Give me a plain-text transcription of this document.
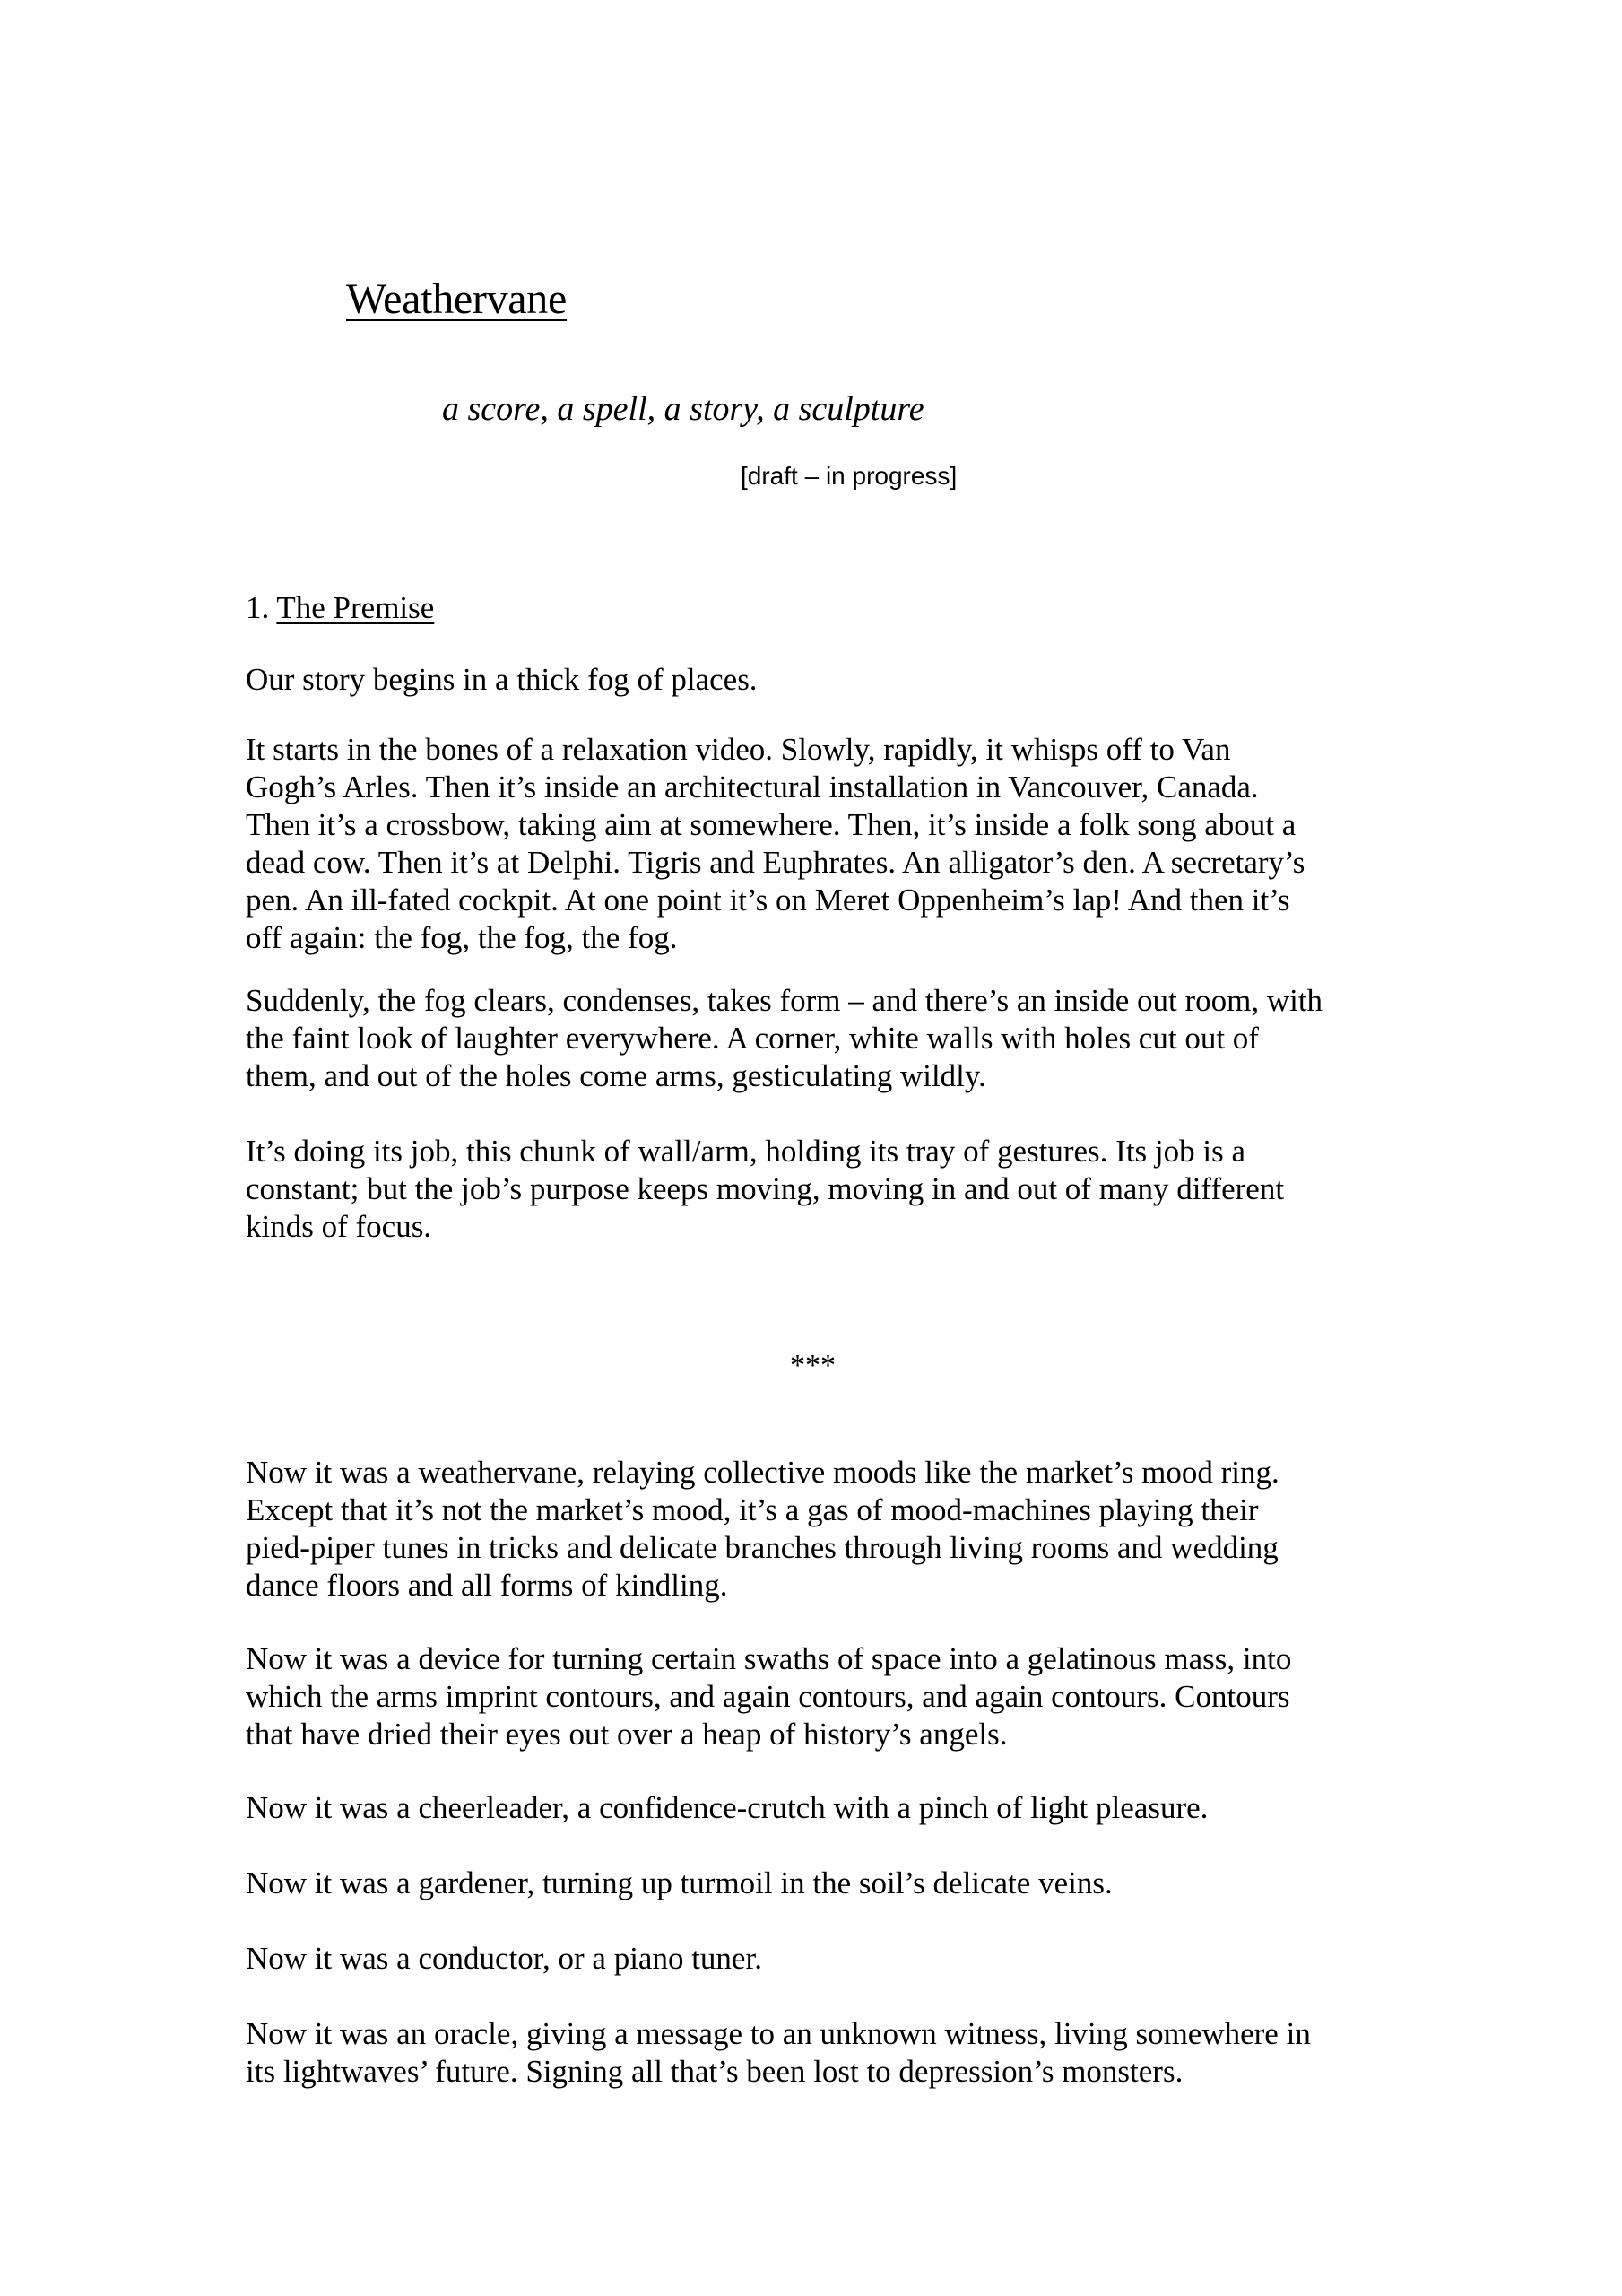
Weathervane
a score, a spell, a story, a sculpture
[draft – in progress]
1. The Premise

Our story begins in a thick fog of places.

It starts in the bones of a relaxation video. Slowly, rapidly, it whisps off to Van
Gogh’s Arles. Then it’s inside an architectural installation in Vancouver, Canada.
Then it’s a crossbow, taking aim at somewhere. Then, it’s inside a folk song about a
dead cow. Then it’s at Delphi. Tigris and Euphrates. An alligator’s den. A secretary’s
pen. An ill-fated cockpit. At one point it’s on Meret Oppenheim’s lap! And then it’s
off again: the fog, the fog, the fog.

Suddenly, the fog clears, condenses, takes form – and there’s an inside out room, with
the faint look of laughter everywhere. A corner, white walls with holes cut out of
them, and out of the holes come arms, gesticulating wildly.

It’s doing its job, this chunk of wall/arm, holding its tray of gestures. Its job is a
constant; but the job’s purpose keeps moving, moving in and out of many different
kinds of focus.

***

Now it was a weathervane, relaying collective moods like the market’s mood ring.
Except that it’s not the market’s mood, it’s a gas of mood-machines playing their
pied-piper tunes in tricks and delicate branches through living rooms and wedding
dance floors and all forms of kindling.

Now it was a device for turning certain swaths of space into a gelatinous mass, into
which the arms imprint contours, and again contours, and again contours. Contours
that have dried their eyes out over a heap of history’s angels.

Now it was a cheerleader, a confidence-crutch with a pinch of light pleasure.

Now it was a gardener, turning up turmoil in the soil’s delicate veins.

Now it was a conductor, or a piano tuner.

Now it was an oracle, giving a message to an unknown witness, living somewhere in
its lightwaves’ future. Signing all that’s been lost to depression’s monsters.
